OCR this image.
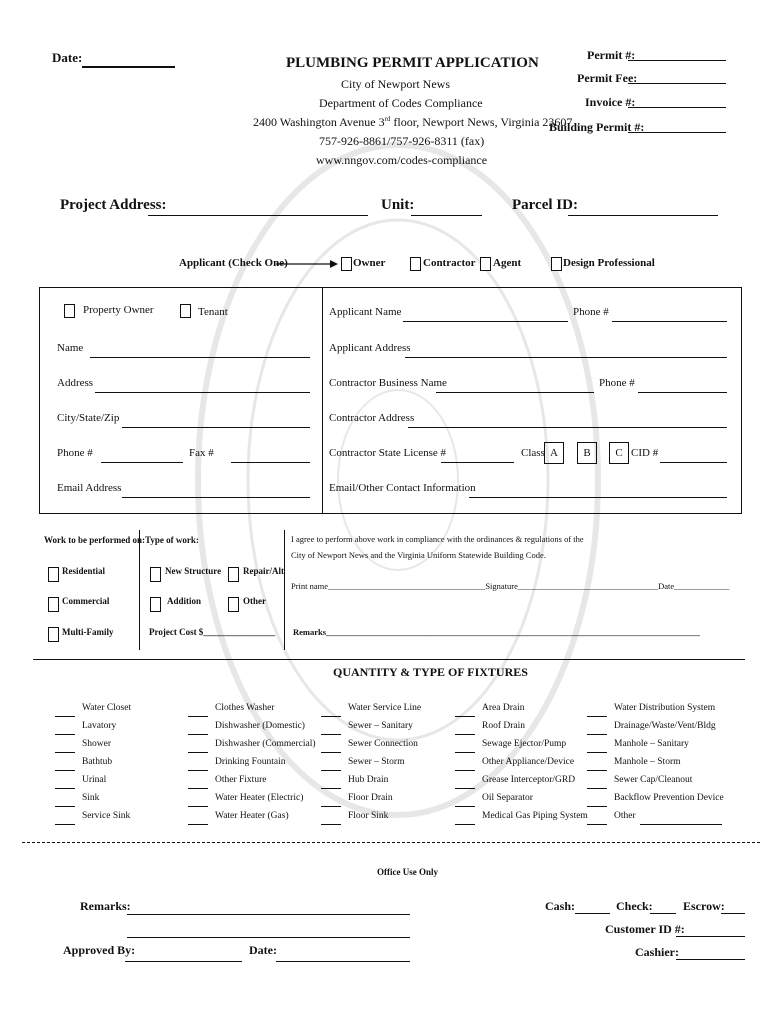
Date:	PLUMBING PERMIT APPLICATION
City of Newport News
Department of Codes Compliance
2400 Washington Avenue 3rd floor, Newport News, Virginia 23607
757-926-8861/757-926-8311 (fax)
www.nngov.com/codes-compliance
Permit #:
Permit Fee:
Invoice #:
Building Permit #:
Project Address:	Unit:	Parcel ID:
Applicant (Check One)	Owner	Contractor Agent	Design Professional
Property Owner	Tenant
Name
Address
City/State/Zip
Phone #	Fax #
Email Address
Applicant Name	Phone #
Applicant Address
Contractor Business Name	Phone #
Contractor Address
Contractor State License #	Class A	B	C CID #
Email/Other Contact Information
Work to be performed on: Type of work:
Residential
Commercial
Multi-Family
New Structure Repair/Alt
Addition	Other
Project Cost $________________
I agree to perform above work in compliance with the ordinances & regulations of the
City of Newport News and the Virginia Uniform Statewide Building Code.
Print name_____________________________________Signature_________________________________Date_____________
Remarks________________________________________________________________________________________
QUANTITY & TYPE OF FIXTURES
Water Closet
Lavatory
Shower
Bathtub
Urinal
Sink
Service Sink
Clothes Washer
Dishwasher (Domestic)
Dishwasher (Commercial)
Drinking Fountain
Other Fixture
Water Heater (Electric)
Water Heater (Gas)
Water Service Line
Sewer – Sanitary
Sewer Connection
Sewer – Storm
Hub Drain
Floor Drain
Floor Sink
Area Drain
Roof Drain
Sewage Ejector/Pump
Other Appliance/Device
Grease Interceptor/GRD
Oil Separator
Medical Gas Piping System
Water Distribution System
Drainage/Waste/Vent/Bldg
Manhole – Sanitary
Manhole – Storm
Sewer Cap/Cleanout
Backflow Prevention Device
Other
Office Use Only
Remarks:
Approved By:	Date:
Cash:	Check:	Escrow:
Customer ID #:
Cashier:
